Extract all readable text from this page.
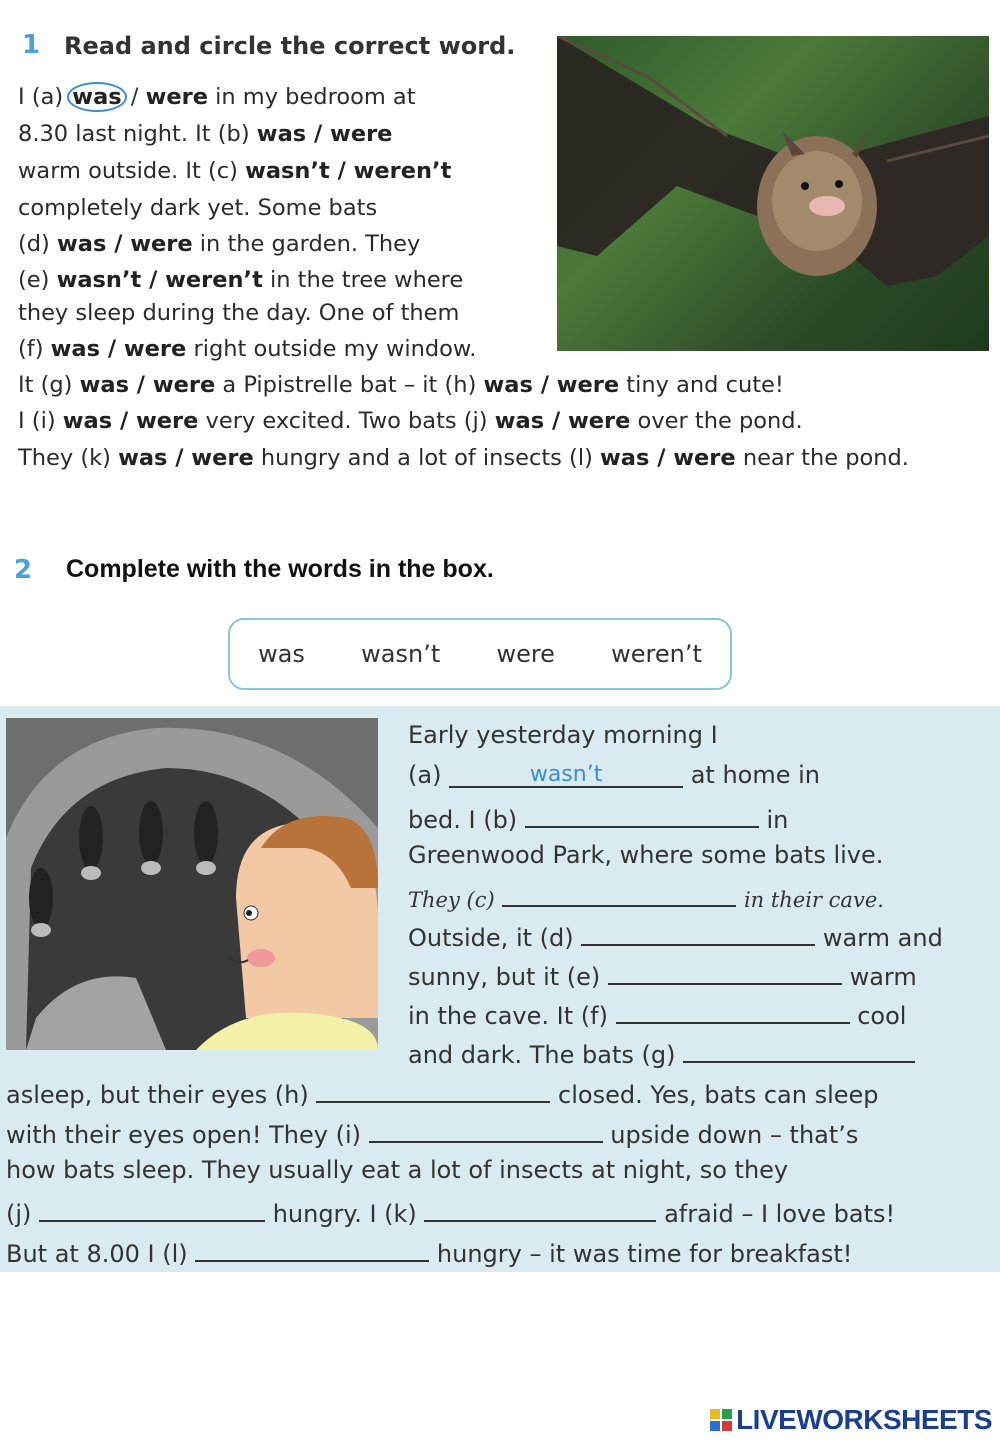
1 Read and circle the correct word.
I (a) was / were in my bedroom at
8.30 last night. It (b) was / were
warm outside. It (c) wasn’t / weren’t
completely dark yet. Some bats
(d) was / were in the garden. They
(e) wasn’t / weren’t in the tree where
they sleep during the day. One of them
(f) was / were right outside my window.
It (g) was / were a Pipistrelle bat – it (h) was / were tiny and cute!
I (i) was / were very excited. Two bats (j) was / were over the pond.
They (k) was / were hungry and a lot of insects (l) was / were near the pond.
2 Complete with the words in the box.
was wasn’t were weren’t
Early yesterday morning I
(a)	wasn’t	at home in
bed. I (b)	in
Greenwood Park, where some bats live.
They (c)	in their cave.
Outside, it (d)	warm and
sunny, but it (e)	warm
in the cave. It (f)	cool
and dark. The bats (g)
asleep, but their eyes (h)	closed. Yes, bats can sleep
with their eyes open! They (i)	upside down – that’s
how bats sleep. They usually eat a lot of insects at night, so they
(j)	hungry. I (k)	afraid – I love bats!
But at 8.00 I (l)	hungry – it was time for breakfast!
LIVEWORKSHEETS
